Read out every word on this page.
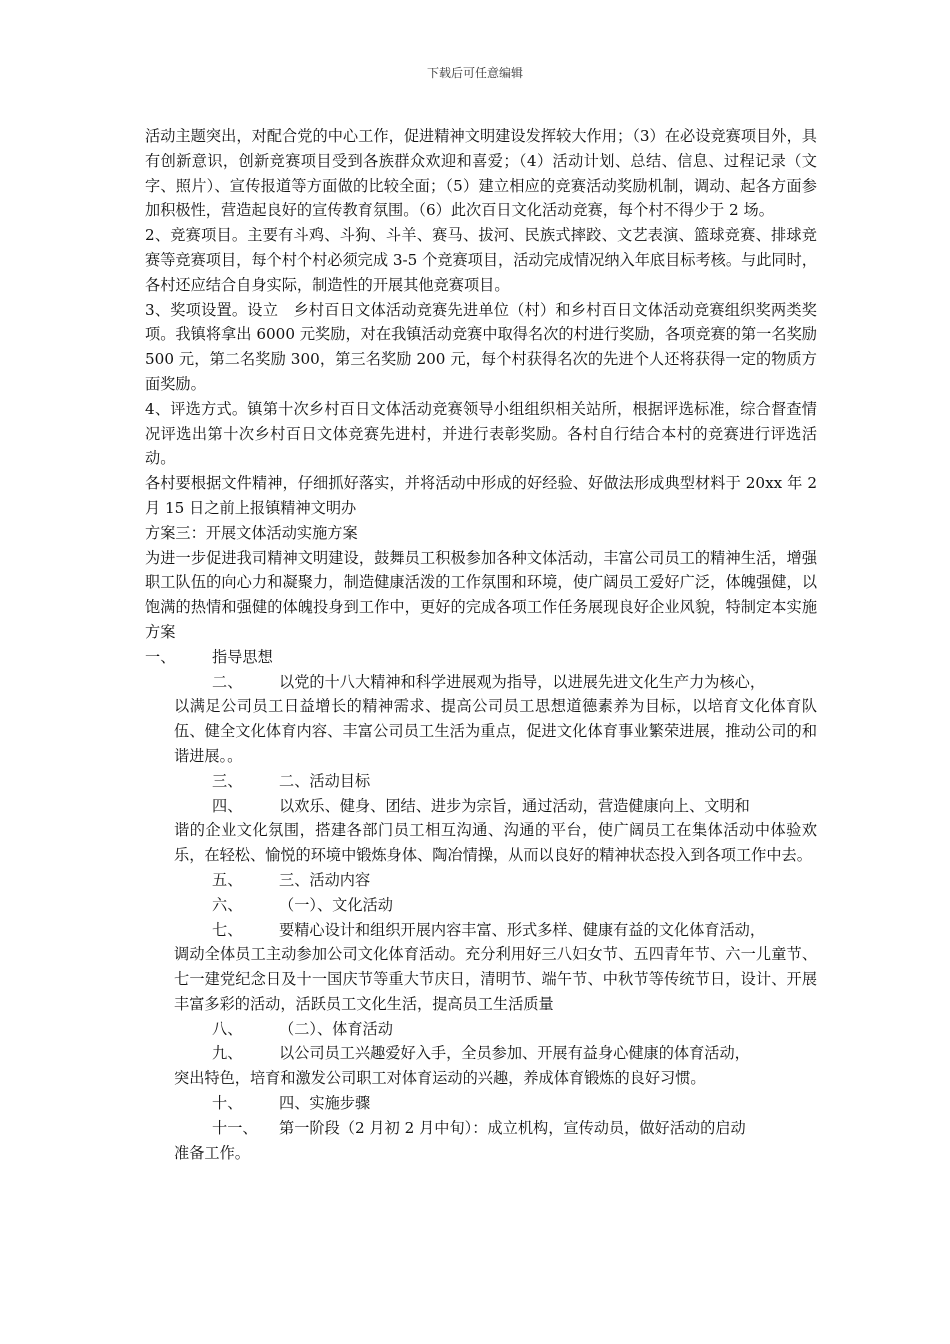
下载后可任意编辑

活动主题突出，对配合党的中心工作，促进精神文明建设发挥较大作用；（3）在必设竞赛项目外，具有创新意识，创新竞赛项目受到各族群众欢迎和喜爱；（4）活动计划、总结、信息、过程记录（文字、照片）、宣传报道等方面做的比较全面；（5）建立相应的竞赛活动奖励机制，调动、起各方面参加积极性，营造起良好的宣传教育氛围。（6）此次百日文化活动竞赛，每个村不得少于 2 场。

2、竞赛项目。主要有斗鸡、斗狗、斗羊、赛马、拔河、民族式摔跤、文艺表演、篮球竞赛、排球竞赛等竞赛项目，每个村个村必须完成 3-5 个竞赛项目，活动完成情况纳入年底目标考核。与此同时，各村还应结合自身实际，制造性的开展其他竞赛项目。

3、奖项设置。设立　乡村百日文体活动竞赛先进单位（村）和乡村百日文体活动竞赛组织奖两类奖项。我镇将拿出 6000 元奖励，对在我镇活动竞赛中取得名次的村进行奖励，各项竞赛的第一名奖励 500 元，第二名奖励 300，第三名奖励 200 元，每个村获得名次的先进个人还将获得一定的物质方面奖励。

4、评选方式。镇第十次乡村百日文体活动竞赛领导小组组织相关站所，根据评选标准，综合督查情况评选出第十次乡村百日文体竞赛先进村，并进行表彰奖励。各村自行结合本村的竞赛进行评选活动。

各村要根据文件精神，仔细抓好落实，并将活动中形成的好经验、好做法形成典型材料于 20xx 年 2 月 15 日之前上报镇精神文明办

方案三：开展文体活动实施方案

为进一步促进我司精神文明建设，鼓舞员工积极参加各种文体活动，丰富公司员工的精神生活，增强职工队伍的向心力和凝聚力，制造健康活泼的工作氛围和环境，使广阔员工爱好广泛，体魄强健，以饱满的热情和强健的体魄投身到工作中，更好的完成各项工作任务展现良好企业风貌，特制定本实施方案

一、	指导思想
二、	以党的十八大精神和科学进展观为指导，以进展先进文化生产力为核心，
以满足公司员工日益增长的精神需求、提高公司员工思想道德素养为目标，以培育文化体育队伍、健全文化体育内容、丰富公司员工生活为重点，促进文化体育事业繁荣进展，推动公司的和谐进展。。
三、	二、活动目标
四、	以欢乐、健身、团结、进步为宗旨，通过活动，营造健康向上、文明和
谐的企业文化氛围，搭建各部门员工相互沟通、沟通的平台，使广阔员工在集体活动中体验欢乐，在轻松、愉悦的环境中锻炼身体、陶冶情操，从而以良好的精神状态投入到各项工作中去。
五、	三、活动内容
六、	（一）、文化活动
七、	要精心设计和组织开展内容丰富、形式多样、健康有益的文化体育活动，
调动全体员工主动参加公司文化体育活动。充分利用好三八妇女节、五四青年节、六一儿童节、七一建党纪念日及十一国庆节等重大节庆日，清明节、端午节、中秋节等传统节日，设计、开展丰富多彩的活动，活跃员工文化生活，提高员工生活质量
八、	（二）、体育活动
九、	以公司员工兴趣爱好入手，全员参加、开展有益身心健康的体育活动，
突出特色，培育和激发公司职工对体育运动的兴趣，养成体育锻炼的良好习惯。
十、	四、实施步骤
十一、	第一阶段（2 月初 2 月中旬）：成立机构，宣传动员，做好活动的启动
准备工作。
